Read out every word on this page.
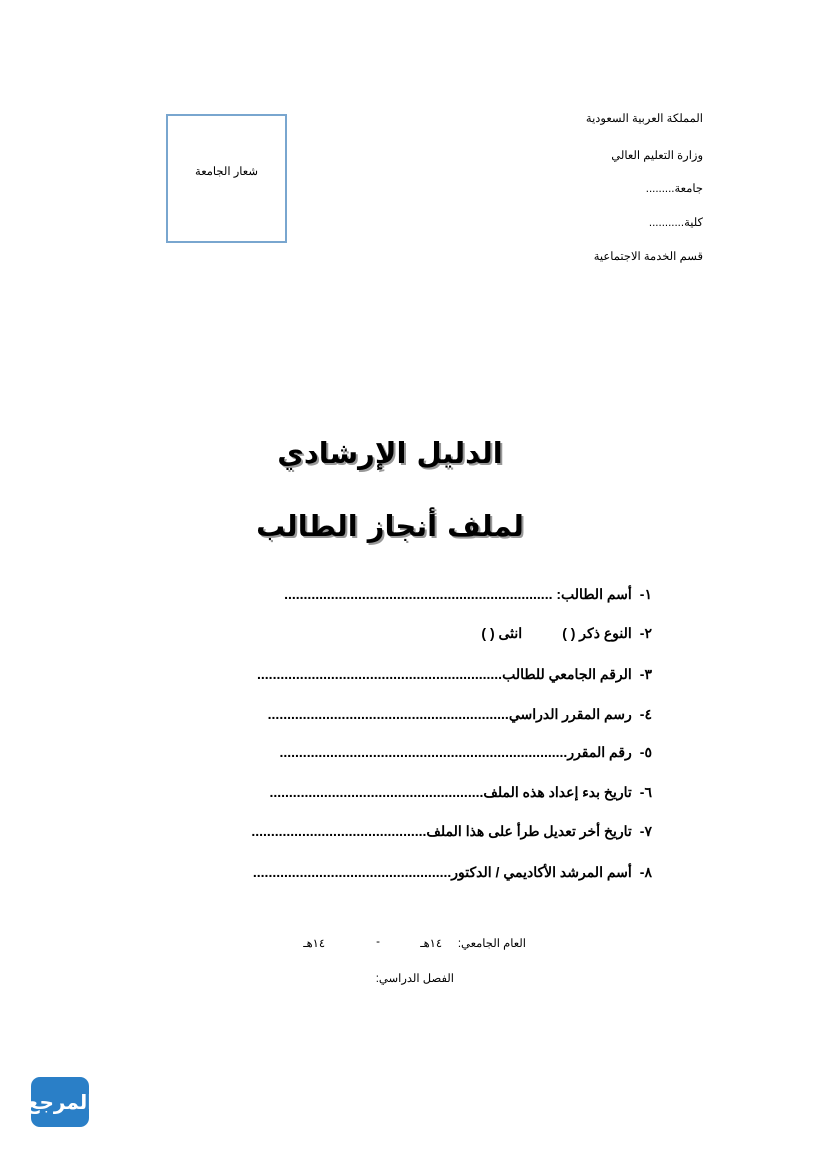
المملكة العربية السعودية
وزارة التعليم العالي
جامعة.........
كلية...........
قسم الخدمة الاجتماعية
شعار الجامعة
الدليل الإرشادي
لملف أنجاز الطالب
١-أسم الطالب: .....................................................................
٢-النوع ذكر ( )انثى ( )
٣-الرقم الجامعي للطالب...............................................................
٤-رسم المقرر الدراسي..............................................................
٥-رقم المقرر..........................................................................
٦-تاريخ بدء إعداد هذه الملف.......................................................
٧-تاريخ أخر تعديل طرأ على هذا الملف.............................................
٨-أسم المرشد الأكاديمي / الدكتور...................................................
العام الجامعي:
١٤هـ
-
١٤هـ
الفصل الدراسي:
المرجع
